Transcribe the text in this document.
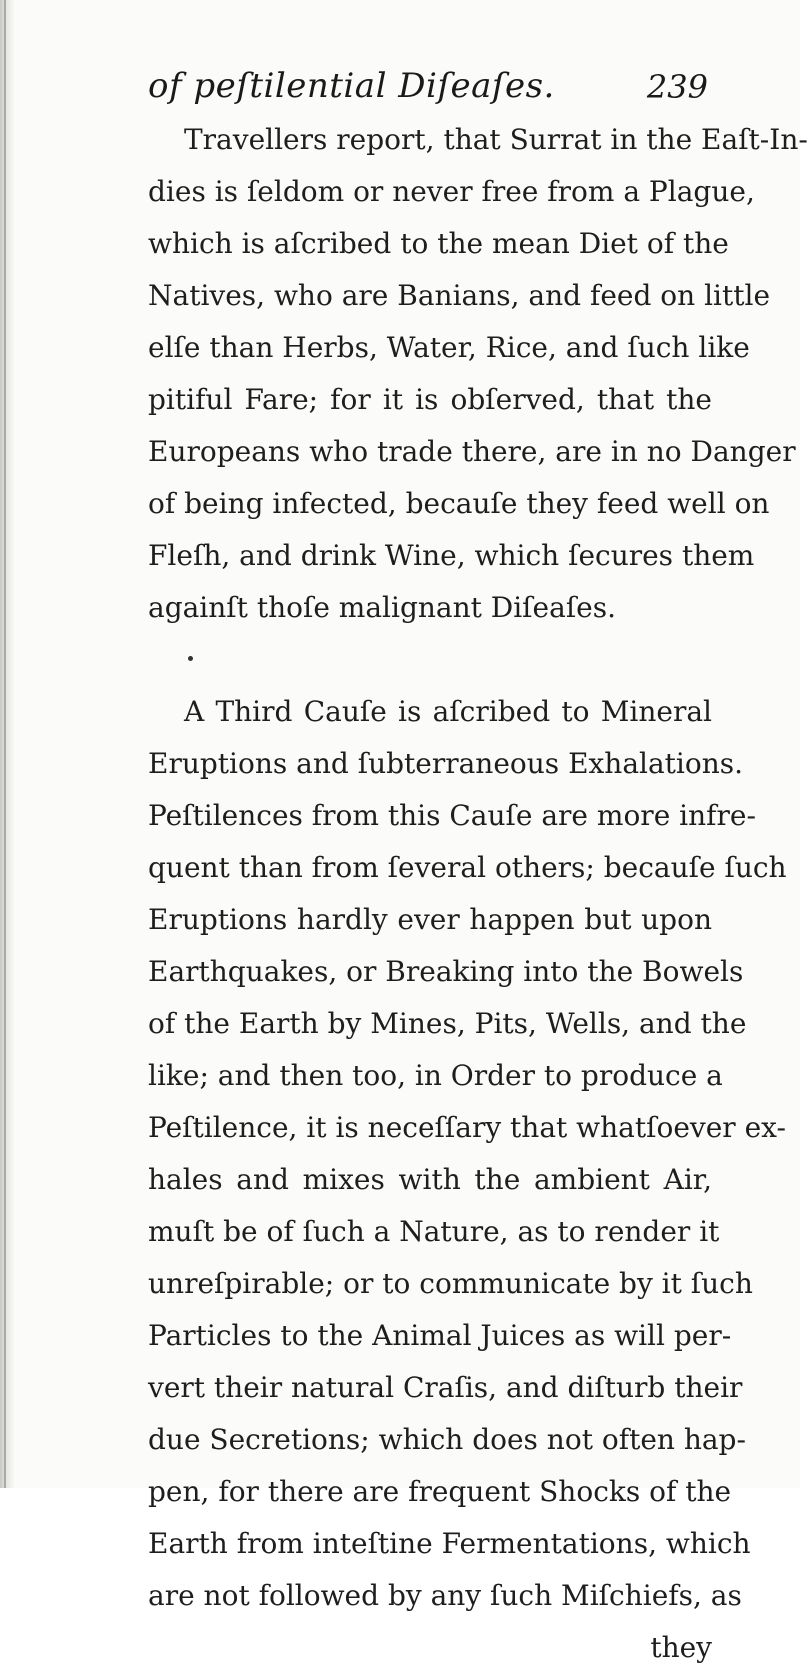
of peſtilential Diſeaſes.	239
Travellers report, that Surrat in the Eaſt-In-
dies is ſeldom or never free from a Plague,
which is aſcribed to the mean Diet of the
Natives, who are Banians, and feed on little
elſe than Herbs, Water, Rice, and ſuch like
pitiful Fare; for it is obſerved, that the
Europeans who trade there, are in no Danger
of being infected, becauſe they feed well on
Fleſh, and drink Wine, which ſecures them
againſt thoſe malignant Diſeaſes.
A Third Cauſe is aſcribed to Mineral
Eruptions and ſubterraneous Exhalations.
Peſtilences from this Cauſe are more infre-
quent than from ſeveral others; becauſe ſuch
Eruptions hardly ever happen but upon
Earthquakes, or Breaking into the Bowels
of the Earth by Mines, Pits, Wells, and the
like; and then too, in Order to produce a
Peſtilence, it is neceſſary that whatſoever ex-
hales and mixes with the ambient Air,
muſt be of ſuch a Nature, as to render it
unreſpirable; or to communicate by it ſuch
Particles to the Animal Juices as will per-
vert their natural Craſis, and diſturb their
due Secretions; which does not often hap-
pen, for there are frequent Shocks of the
Earth from inteſtine Fermentations, which
are not followed by any ſuch Miſchiefs, as
they
